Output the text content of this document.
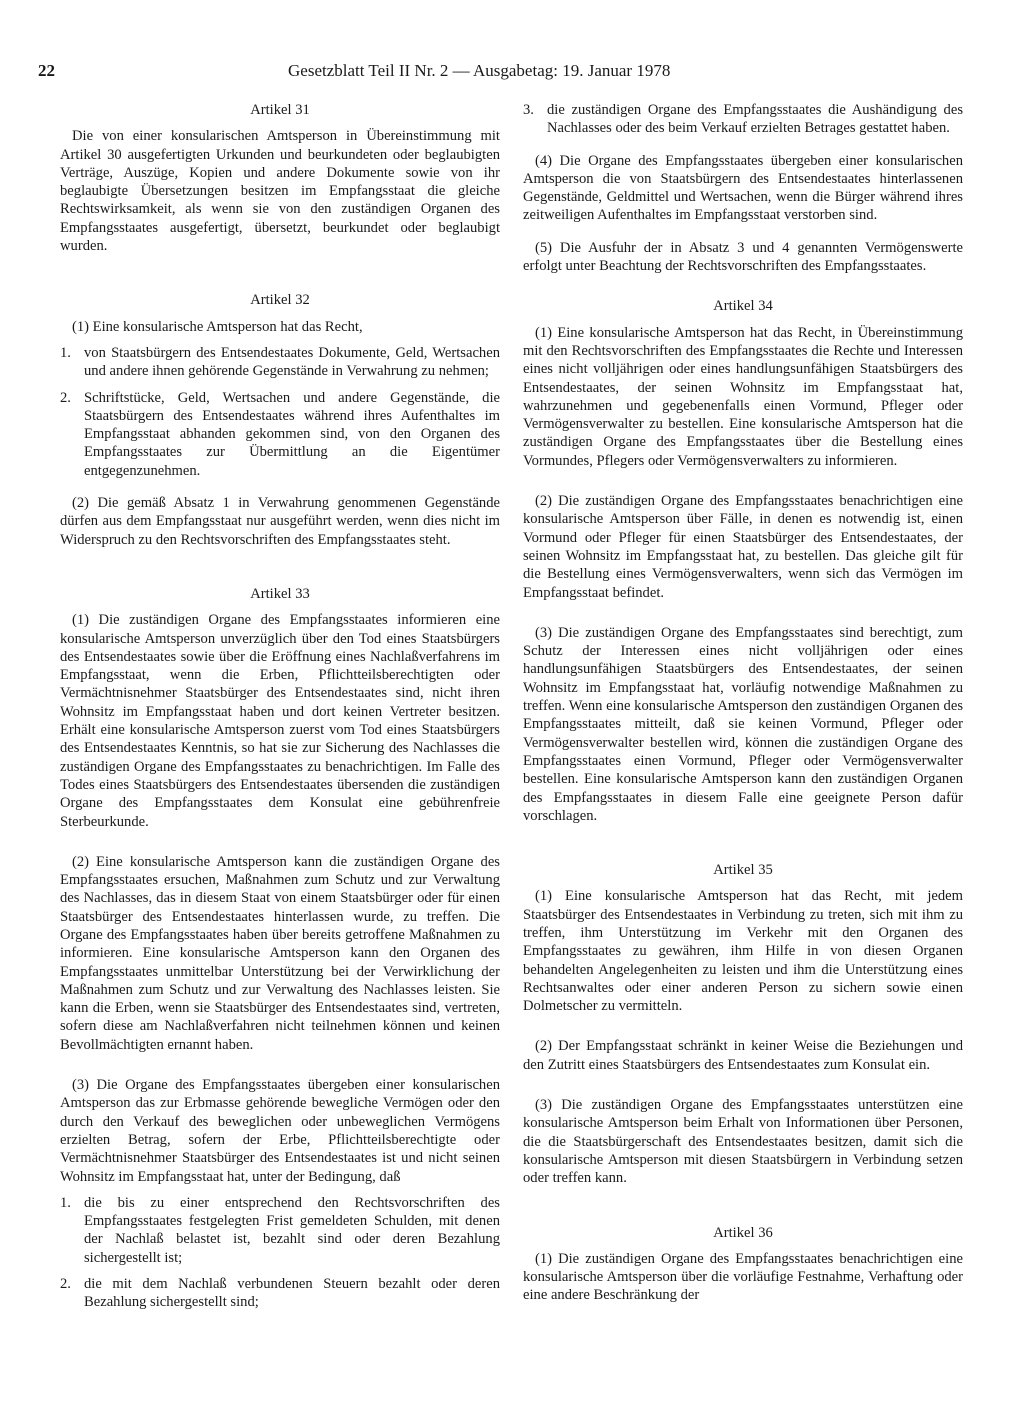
22	Gesetzblatt Teil II Nr. 2 — Ausgabetag: 19. Januar 1978

Artikel 31

Die von einer konsularischen Amtsperson in Übereinstimmung mit Artikel 30 ausgefertigten Urkunden und beurkundeten oder beglaubigten Verträge, Auszüge, Kopien und andere Dokumente sowie von ihr beglaubigte Übersetzungen besitzen im Empfangsstaat die gleiche Rechtswirksamkeit, als wenn sie von den zuständigen Organen des Empfangsstaates ausgefertigt, übersetzt, beurkundet oder beglaubigt wurden.

Artikel 32

(1) Eine konsularische Amtsperson hat das Recht,

1. von Staatsbürgern des Entsendestaates Dokumente, Geld, Wertsachen und andere ihnen gehörende Gegenstände in Verwahrung zu nehmen;
2. Schriftstücke, Geld, Wertsachen und andere Gegenstände, die Staatsbürgern des Entsendestaates während ihres Aufenthaltes im Empfangsstaat abhanden gekommen sind, von den Organen des Empfangsstaates zur Übermittlung an die Eigentümer entgegenzunehmen.

(2) Die gemäß Absatz 1 in Verwahrung genommenen Gegenstände dürfen aus dem Empfangsstaat nur ausgeführt werden, wenn dies nicht im Widerspruch zu den Rechtsvorschriften des Empfangsstaates steht.

Artikel 33

(1) Die zuständigen Organe des Empfangsstaates informieren eine konsularische Amtsperson unverzüglich über den Tod eines Staatsbürgers des Entsendestaates sowie über die Eröffnung eines Nachlaßverfahrens im Empfangsstaat, wenn die Erben, Pflichtteilsberechtigten oder Vermächtnisnehmer Staatsbürger des Entsendestaates sind, nicht ihren Wohnsitz im Empfangsstaat haben und dort keinen Vertreter besitzen. Erhält eine konsularische Amtsperson zuerst vom Tod eines Staatsbürgers des Entsendestaates Kenntnis, so hat sie zur Sicherung des Nachlasses die zuständigen Organe des Empfangsstaates zu benachrichtigen. Im Falle des Todes eines Staatsbürgers des Entsendestaates übersenden die zuständigen Organe des Empfangsstaates dem Konsulat eine gebührenfreie Sterbeurkunde.

(2) Eine konsularische Amtsperson kann die zuständigen Organe des Empfangsstaates ersuchen, Maßnahmen zum Schutz und zur Verwaltung des Nachlasses, das in diesem Staat von einem Staatsbürger oder für einen Staatsbürger des Entsendestaates hinterlassen wurde, zu treffen. Die Organe des Empfangsstaates haben über bereits getroffene Maßnahmen zu informieren. Eine konsularische Amtsperson kann den Organen des Empfangsstaates unmittelbar Unterstützung bei der Verwirklichung der Maßnahmen zum Schutz und zur Verwaltung des Nachlasses leisten. Sie kann die Erben, wenn sie Staatsbürger des Entsendestaates sind, vertreten, sofern diese am Nachlaßverfahren nicht teilnehmen können und keinen Bevollmächtigten ernannt haben.

(3) Die Organe des Empfangsstaates übergeben einer konsularischen Amtsperson das zur Erbmasse gehörende bewegliche Vermögen oder den durch den Verkauf des beweglichen oder unbeweglichen Vermögens erzielten Betrag, sofern der Erbe, Pflichtteilsberechtigte oder Vermächtnisnehmer Staatsbürger des Entsendestaates ist und nicht seinen Wohnsitz im Empfangsstaat hat, unter der Bedingung, daß

1. die bis zu einer entsprechend den Rechtsvorschriften des Empfangsstaates festgelegten Frist gemeldeten Schulden, mit denen der Nachlaß belastet ist, bezahlt sind oder deren Bezahlung sichergestellt ist;
2. die mit dem Nachlaß verbundenen Steuern bezahlt oder deren Bezahlung sichergestellt sind;
3. die zuständigen Organe des Empfangsstaates die Aushändigung des Nachlasses oder des beim Verkauf erzielten Betrages gestattet haben.

(4) Die Organe des Empfangsstaates übergeben einer konsularischen Amtsperson die von Staatsbürgern des Entsendestaates hinterlassenen Gegenstände, Geldmittel und Wertsachen, wenn die Bürger während ihres zeitweiligen Aufenthaltes im Empfangsstaat verstorben sind.

(5) Die Ausfuhr der in Absatz 3 und 4 genannten Vermögenswerte erfolgt unter Beachtung der Rechtsvorschriften des Empfangsstaates.

Artikel 34

(1) Eine konsularische Amtsperson hat das Recht, in Übereinstimmung mit den Rechtsvorschriften des Empfangsstaates die Rechte und Interessen eines nicht volljährigen oder eines handlungsunfähigen Staatsbürgers des Entsendestaates, der seinen Wohnsitz im Empfangsstaat hat, wahrzunehmen und gegebenenfalls einen Vormund, Pfleger oder Vermögensverwalter zu bestellen. Eine konsularische Amtsperson hat die zuständigen Organe des Empfangsstaates über die Bestellung eines Vormundes, Pflegers oder Vermögensverwalters zu informieren.

(2) Die zuständigen Organe des Empfangsstaates benachrichtigen eine konsularische Amtsperson über Fälle, in denen es notwendig ist, einen Vormund oder Pfleger für einen Staatsbürger des Entsendestaates, der seinen Wohnsitz im Empfangsstaat hat, zu bestellen. Das gleiche gilt für die Bestellung eines Vermögensverwalters, wenn sich das Vermögen im Empfangsstaat befindet.

(3) Die zuständigen Organe des Empfangsstaates sind berechtigt, zum Schutz der Interessen eines nicht volljährigen oder eines handlungsunfähigen Staatsbürgers des Entsendestaates, der seinen Wohnsitz im Empfangsstaat hat, vorläufig notwendige Maßnahmen zu treffen. Wenn eine konsularische Amtsperson den zuständigen Organen des Empfangsstaates mitteilt, daß sie keinen Vormund, Pfleger oder Vermögensverwalter bestellen wird, können die zuständigen Organe des Empfangsstaates einen Vormund, Pfleger oder Vermögensverwalter bestellen. Eine konsularische Amtsperson kann den zuständigen Organen des Empfangsstaates in diesem Falle eine geeignete Person dafür vorschlagen.

Artikel 35

(1) Eine konsularische Amtsperson hat das Recht, mit jedem Staatsbürger des Entsendestaates in Verbindung zu treten, sich mit ihm zu treffen, ihm Unterstützung im Verkehr mit den Organen des Empfangsstaates zu gewähren, ihm Hilfe in von diesen Organen behandelten Angelegenheiten zu leisten und ihm die Unterstützung eines Rechtsanwaltes oder einer anderen Person zu sichern sowie einen Dolmetscher zu vermitteln.

(2) Der Empfangsstaat schränkt in keiner Weise die Beziehungen und den Zutritt eines Staatsbürgers des Entsendestaates zum Konsulat ein.

(3) Die zuständigen Organe des Empfangsstaates unterstützen eine konsularische Amtsperson beim Erhalt von Informationen über Personen, die die Staatsbürgerschaft des Entsendestaates besitzen, damit sich die konsularische Amtsperson mit diesen Staatsbürgern in Verbindung setzen oder treffen kann.

Artikel 36

(1) Die zuständigen Organe des Empfangsstaates benachrichtigen eine konsularische Amtsperson über die vorläufige Festnahme, Verhaftung oder eine andere Beschränkung der
